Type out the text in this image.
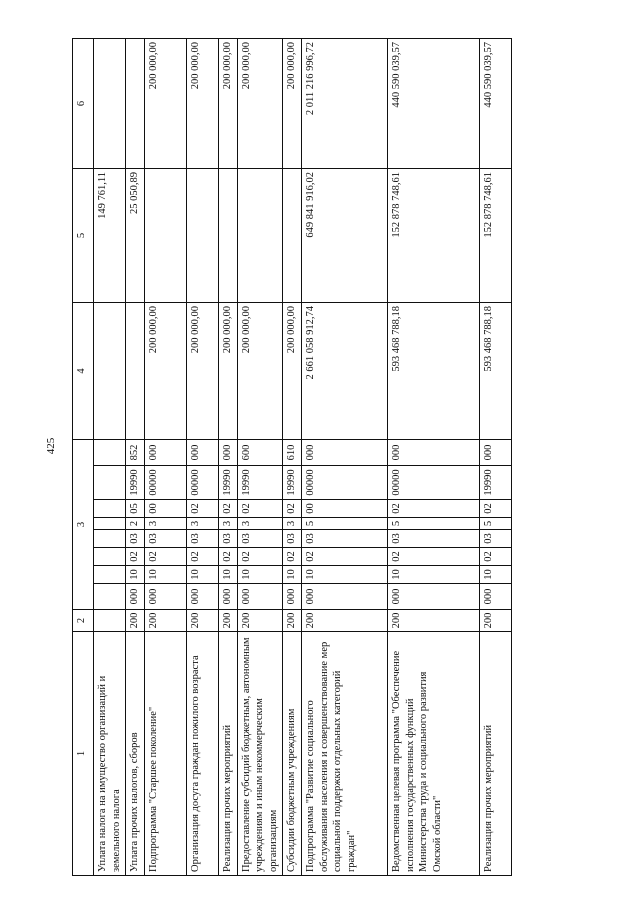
425
1	2	3								4	5	6
Уплата налога на имущество организаций и земельного налога											149 761,11	
Уплата прочих налогов, сборов	200	000	10	02	03	2	05	19990	852		25 050,89	
Подпрограмма "Старшее поколение"	200	000	10	02	03	3	00	00000	000	200 000,00		200 000,00
Организация досуга граждан пожилого возраста	200	000	10	02	03	3	02	00000	000	200 000,00		200 000,00
Реализация прочих мероприятий	200	000	10	02	03	3	02	19990	000	200 000,00		200 000,00
Предоставление субсидий бюджетным, автономным учреждениям и иным некоммерческим организациям	200	000	10	02	03	3	02	19990	600	200 000,00		200 000,00
Субсидии бюджетным учреждениям	200	000	10	02	03	3	02	19990	610	200 000,00		200 000,00
Подпрограмма "Развитие социального обслуживания населения и совершенствование мер социальной поддержки отдельных категорий граждан"	200	000	10	02	03	5	00	00000	000	2 661 058 912,74	649 841 916,02	2 011 216 996,72
Ведомственная целевая программа "Обеспечение исполнения государственных функций Министерства труда и социального развития Омской области"	200	000	10	02	03	5	02	00000	000	593 468 788,18	152 878 748,61	440 590 039,57
Реализация прочих мероприятий	200	000	10	02	03	5	02	19990	000	593 468 788,18	152 878 748,61	440 590 039,57
